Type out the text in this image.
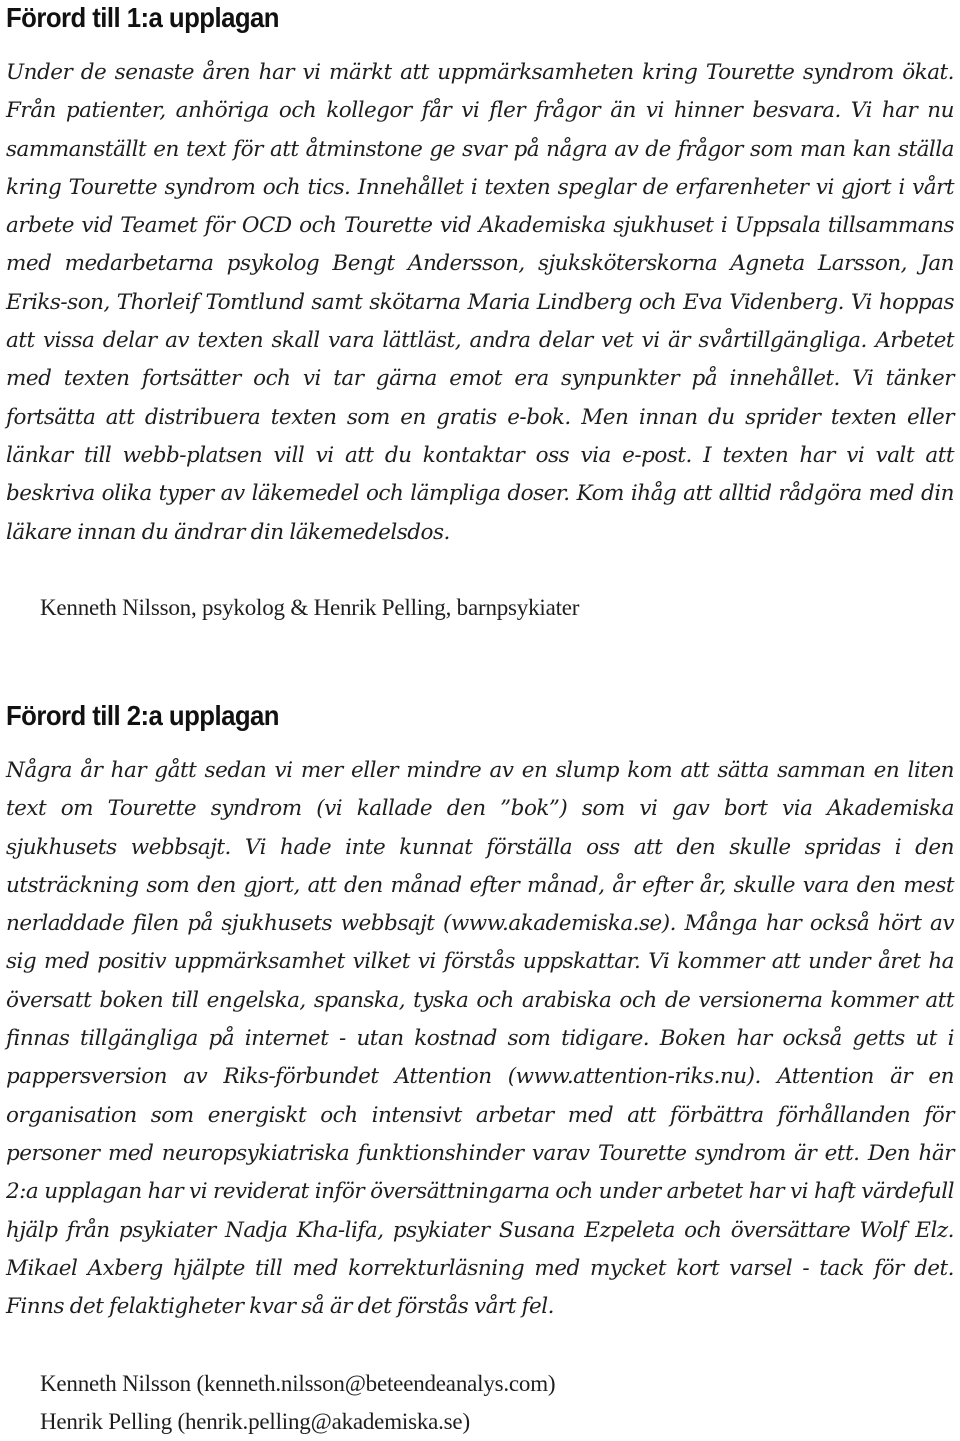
Förord till 1:a upplagan

Under de senaste åren har vi märkt att uppmärksamheten kring Tourette syndrom ökat. Från patienter, anhöriga och kollegor får vi fler frågor än vi hinner besvara. Vi har nu sammanställt en text för att åtminstone ge svar på några av de frågor som man kan ställa kring Tourette syndrom och tics. Innehållet i texten speglar de erfarenheter vi gjort i vårt arbete vid Teamet för OCD och Tourette vid Akademiska sjukhuset i Uppsala tillsammans med medarbetarna psykolog Bengt Andersson, sjuksköterskorna Agneta Larsson, Jan Eriks-son, Thorleif Tomtlund samt skötarna Maria Lindberg och Eva Videnberg. Vi hoppas att vissa delar av texten skall vara lättläst, andra delar vet vi är svårtillgängliga. Arbetet med texten fortsätter och vi tar gärna emot era synpunkter på innehållet. Vi tänker fortsätta att distribuera texten som en gratis e-bok. Men innan du sprider texten eller länkar till webb-platsen vill vi att du kontaktar oss via e-post. I texten har vi valt att beskriva olika typer av läkemedel och lämpliga doser. Kom ihåg att alltid rådgöra med din läkare innan du ändrar din läkemedelsdos.

Kenneth Nilsson, psykolog & Henrik Pelling, barnpsykiater

Förord till 2:a upplagan

Några år har gått sedan vi mer eller mindre av en slump kom att sätta samman en liten text om Tourette syndrom (vi kallade den ”bok”) som vi gav bort via Akademiska sjukhusets webbsajt. Vi hade inte kunnat förställa oss att den skulle spridas i den utsträckning som den gjort, att den månad efter månad, år efter år, skulle vara den mest nerladdade filen på sjukhusets webbsajt (www.akademiska.se). Många har också hört av sig med positiv uppmärksamhet vilket vi förstås uppskattar. Vi kommer att under året ha översatt boken till engelska, spanska, tyska och arabiska och de versionerna kommer att finnas tillgängliga på internet - utan kostnad som tidigare. Boken har också getts ut i pappersversion av Riks-förbundet Attention (www.attention-riks.nu). Attention är en organisation som energiskt och intensivt arbetar med att förbättra förhållanden för personer med neuropsykiatriska funktionshinder varav Tourette syndrom är ett. Den här 2:a upplagan har vi reviderat inför översättningarna och under arbetet har vi haft värdefull hjälp från psykiater Nadja Kha-lifa, psykiater Susana Ezpeleta och översättare Wolf Elz. Mikael Axberg hjälpte till med korrekturläsning med mycket kort varsel - tack för det. Finns det felaktigheter kvar så är det förstås vårt fel.

Kenneth Nilsson (kenneth.nilsson@beteendeanalys.com)

Henrik Pelling (henrik.pelling@akademiska.se)
